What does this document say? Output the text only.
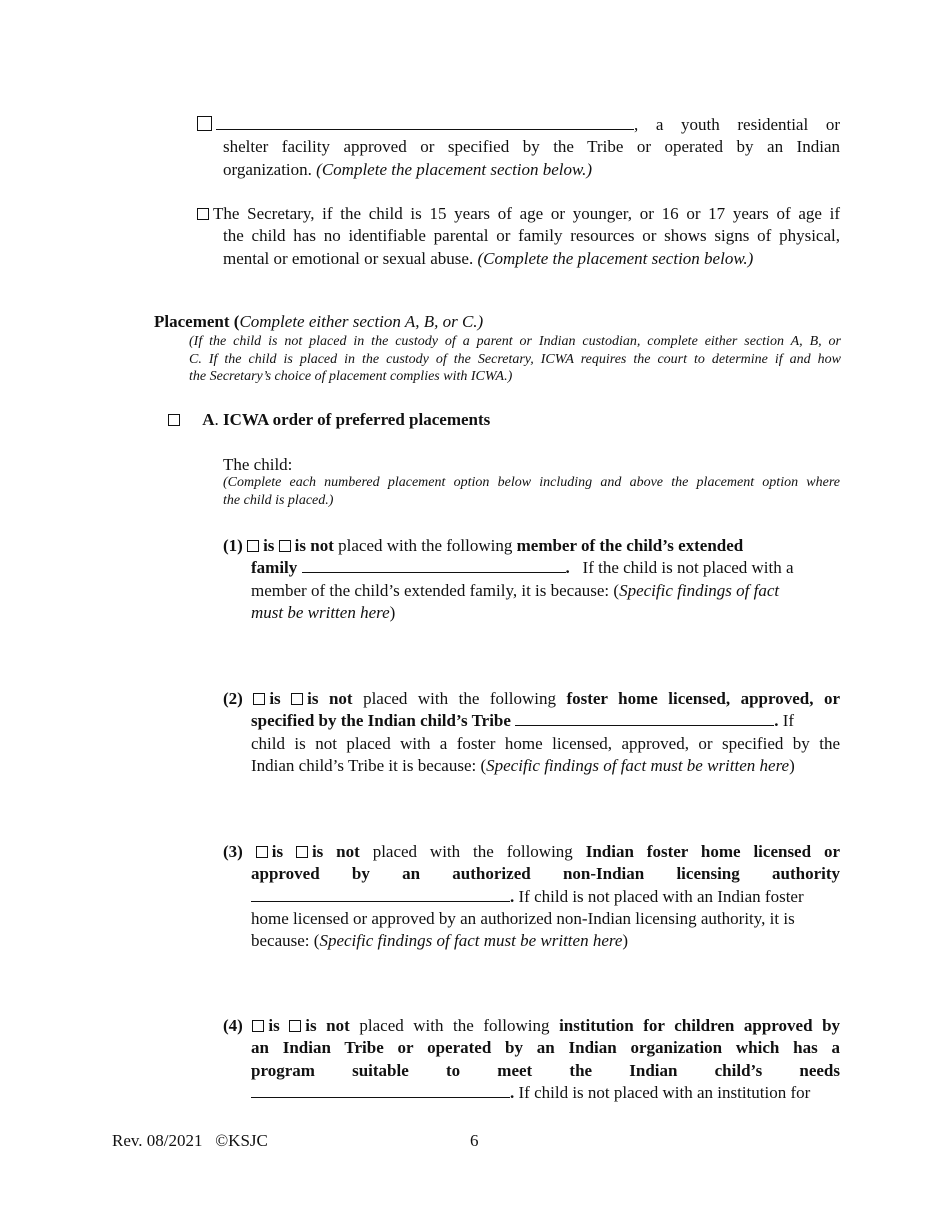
, a youth residential or
shelter facility approved or specified by the Tribe or operated by an Indian
organization. (Complete the placement section below.)
The Secretary, if the child is 15 years of age or younger, or 16 or 17 years of age if
the child has no identifiable parental or family resources or shows signs of physical,
mental or emotional or sexual abuse. (Complete the placement section below.)
Placement (Complete either section A, B, or C.)
(If the child is not placed in the custody of a parent or Indian custodian, complete either section A, B, or
C. If the child is placed in the custody of the Secretary, ICWA requires the court to determine if and how
the Secretary’s choice of placement complies with ICWA.)
A. ICWA order of preferred placements
The child:
(Complete each numbered placement option below including and above the placement option where
the child is placed.)
(1) is is not placed with the following member of the child’s extended
family	. If the child is not placed with a
member of the child’s extended family, it is because: (Specific findings of fact
must be written here)
(2) is is not placed with the following foster home licensed, approved, or
specified by the Indian child’s Tribe	. If
child is not placed with a foster home licensed, approved, or specified by the
Indian child’s Tribe it is because: (Specific findings of fact must be written here)
(3) is is not placed with the following Indian foster home licensed or
approved by an authorized non-Indian licensing authority
. If child is not placed with an Indian foster
home licensed or approved by an authorized non-Indian licensing authority, it is
because: (Specific findings of fact must be written here)
(4) is is not placed with the following institution for children approved by
an Indian Tribe or operated by an Indian organization which has a
program suitable to meet the Indian child’s needs
. If child is not placed with an institution for
Rev. 08/2021 ©KSJC	6
